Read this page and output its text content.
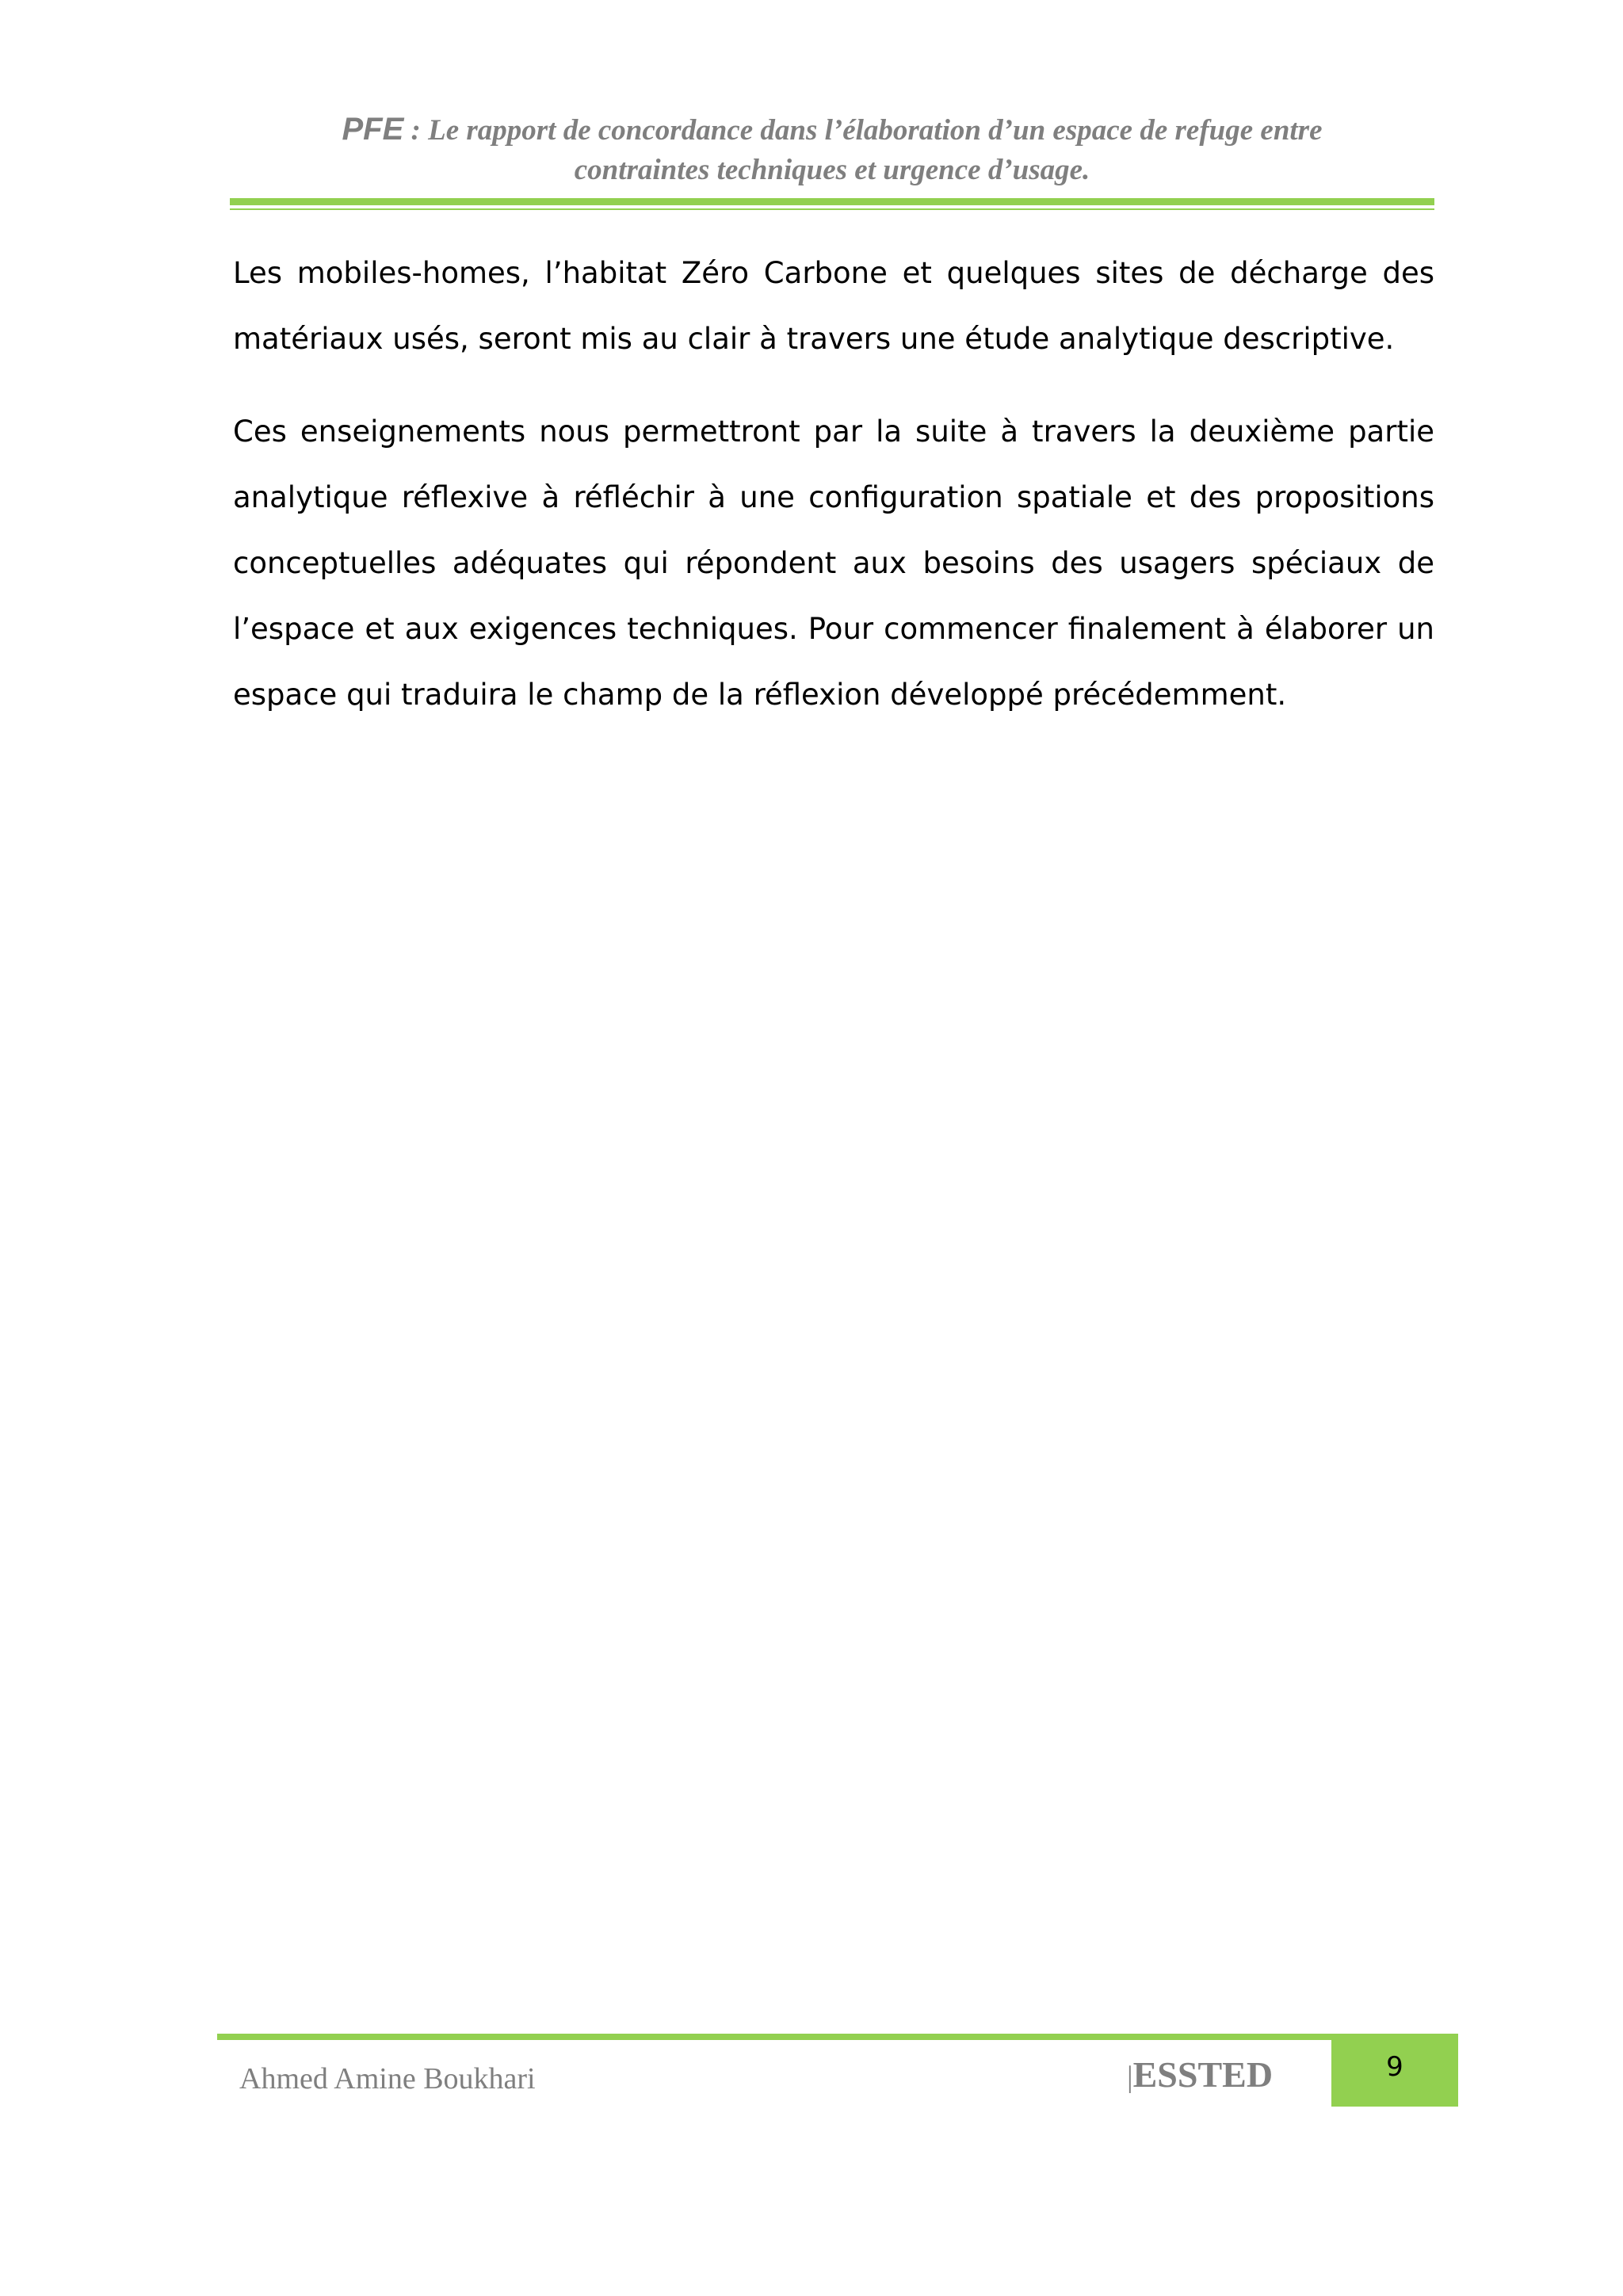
PFE : Le rapport de concordance dans l’élaboration d’un espace de refuge entre
contraintes techniques et urgence d’usage.

Les mobiles-homes, l’habitat Zéro Carbone et quelques sites de décharge des matériaux usés, seront mis au clair à travers une étude analytique descriptive.

Ces enseignements nous permettront par la suite à travers la deuxième partie analytique réflexive à réfléchir à une configuration spatiale et des propositions conceptuelles adéquates qui répondent aux besoins des usagers spéciaux de l’espace et aux exigences techniques. Pour commencer finalement à élaborer un espace qui traduira le champ de la réflexion développé précédemment.

Ahmed Amine Boukhari	|ESSTED	9
